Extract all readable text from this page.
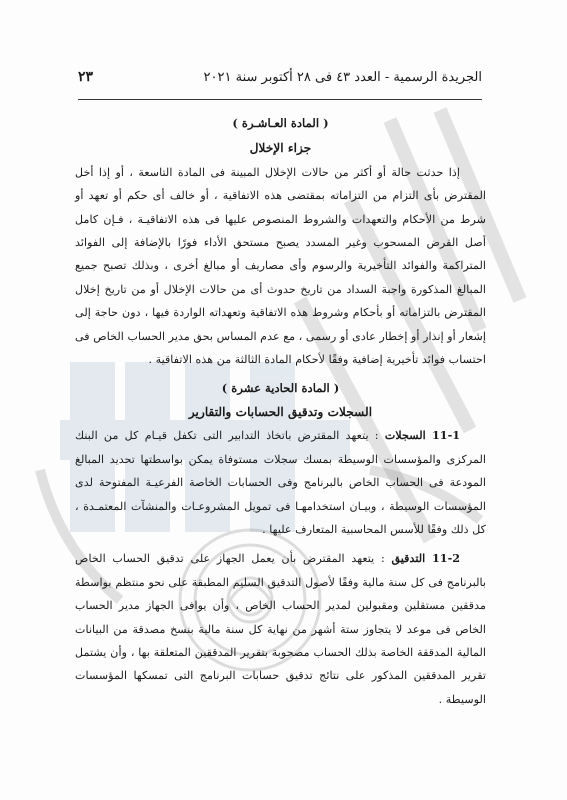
الجريدة الرسمية - العدد ٤٣ فى ٢٨ أكتوبر سنة ٢٠٢١
٢٣

( المادة العـاشـرة )

جزاء الإخلال

إذا حدثت حالة أو أكثر من حالات الإخلال المبينة فى المادة التاسعة ، أو إذا أخل المقترض بأى التزام من التزاماته بمقتضى هذه الاتفاقية ، أو خالف أى حكم أو تعهد أو شرط من الأحكام والتعهدات والشروط المنصوص عليها فى هذه الاتفاقيـة ، فـإن كامل أصل القرض المسحوب وغير المسدد يصبح مستحق الأداء فورًا بالإضافة إلى الفوائد المتراكمة والفوائد التأخيرية والرسوم وأى مصاريف أو مبالغ أخرى ، وبذلك تصبح جميع المبالغ المذكورة واجبة السداد من تاريخ حدوث أى من حالات الإخلال أو من تاريخ إخلال المقترض بالتزاماته أو بأحكام وشروط هذه الاتفاقية وتعهداته الواردة فيها ، دون حاجة إلى إشعار أو إنذار أو إخطار عادى أو رسمى ، مع عدم المساس بحق مدير الحساب الخاص فى احتساب فوائد تأخيرية إضافية وفقًا لأحكام المادة الثالثة من هذه الاتفاقية .

( المادة الحادية عشرة )

السجلات وتدقيق الحسابات والتقارير

11-1 السجلات : يتعهد المقترض باتخاذ التدابير التى تكفل قيـام كل من البنك المركزى والمؤسسات الوسيطة بمسك سجلات مستوفاة يمكن بواسطتها تحديد المبالغ المودعة فى الحساب الخاص بالبرنامج وفى الحسابات الخاصة الفرعيـة المفتوحة لدى المؤسسات الوسيطة ، وبيـان استخدامهـا فى تمويل المشروعـات والمنشآت المعتمـدة ، كل ذلك وفقًا للأسس المحاسبية المتعارف عليها .

11-2 التدقيق : يتعهد المقترض بأن يعمل الجهاز على تدقيق الحساب الخاص بالبرنامج فى كل سنة مالية وفقًا لأصول التدقيق السليم المطبقة على نحو منتظم بواسطة مدققين مستقلين ومقبولين لمدير الحساب الخاص ، وأن يوافى الجهاز مدير الحساب الخاص فى موعد لا يتجاوز ستة أشهر من نهاية كل سنة مالية بنسخ مصدقة من البيانات المالية المدققة الخاصة بذلك الحساب مصحوبة بتقرير المدققين المتعلقة بها ، وأن يشتمل تقرير المدققين المذكور على نتائج تدقيق حسابات البرنامج التى تمسكها المؤسسات الوسيطة .
